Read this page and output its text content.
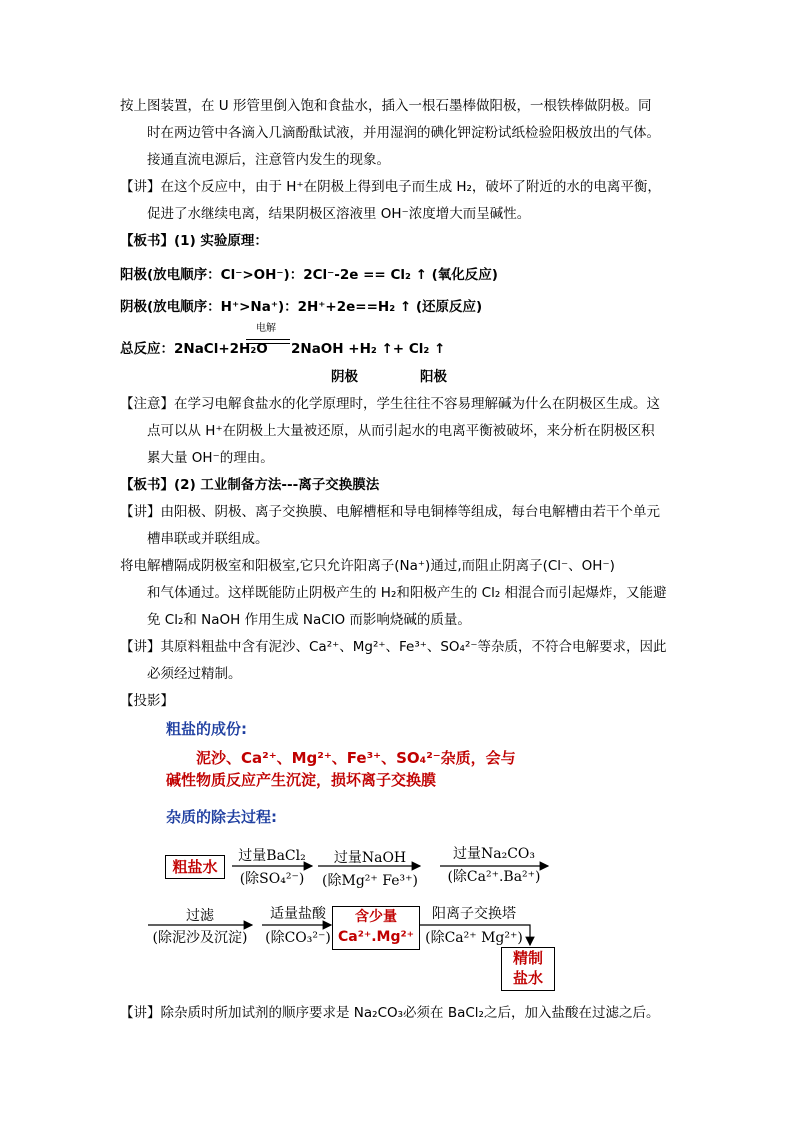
按上图装置，在 U 形管里倒入饱和食盐水，插入一根石墨棒做阳极，一根铁棒做阴极。同
时在两边管中各滴入几滴酚酞试液，并用湿润的碘化钾淀粉试纸检验阳极放出的气体。
接通直流电源后，注意管内发生的现象。
【讲】在这个反应中，由于 H⁺在阴极上得到电子而生成 H₂，破坏了附近的水的电离平衡，
促进了水继续电离，结果阴极区溶液里 OH⁻浓度增大而呈碱性。
【板书】(1) 实验原理：
阳极(放电顺序：Cl⁻>OH⁻)：2Cl⁻-2e == Cl₂ ↑ (氧化反应)
阴极(放电顺序：H⁺>Na⁺)：2H⁺+2e==H₂ ↑ (还原反应)
总反应：2NaCl+2H₂O
电解
2NaOH +H₂ ↑+ Cl₂ ↑
阴极	阳极
【注意】在学习电解食盐水的化学原理时，学生往往不容易理解碱为什么在阴极区生成。这
点可以从 H⁺在阴极上大量被还原，从而引起水的电离平衡被破坏，来分析在阴极区积
累大量 OH⁻的理由。
【板书】(2) 工业制备方法---离子交换膜法
【讲】由阳极、阴极、离子交换膜、电解槽框和导电铜棒等组成，每台电解槽由若干个单元
槽串联或并联组成。
将电解槽隔成阴极室和阳极室,它只允许阳离子(Na⁺)通过,而阻止阴离子(Cl⁻、OH⁻)
和气体通过。这样既能防止阴极产生的 H₂和阳极产生的 Cl₂ 相混合而引起爆炸，又能避
免 Cl₂和 NaOH 作用生成 NaClO 而影响烧碱的质量。
【讲】其原料粗盐中含有泥沙、Ca²⁺、Mg²⁺、Fe³⁺、SO₄²⁻等杂质，不符合电解要求，因此
必须经过精制。
【投影】
粗盐的成份:
泥沙、Ca²⁺、Mg²⁺、Fe³⁺、SO₄²⁻杂质，会与
碱性物质反应产生沉淀，损坏离子交换膜
杂质的除去过程:
粗盐水
过量BaCl₂
(除SO₄²⁻)
过量NaOH
(除Mg²⁺ Fe³⁺)
过量Na₂CO₃
(除Ca²⁺.Ba²⁺)
过滤
(除泥沙及沉淀)
适量盐酸
(除CO₃²⁻)
含少量
Ca²⁺.Mg²⁺
阳离子交换塔
(除Ca²⁺ Mg²⁺)
精制
盐水
【讲】除杂质时所加试剂的顺序要求是 Na₂CO₃必须在 BaCl₂之后，加入盐酸在过滤之后。
